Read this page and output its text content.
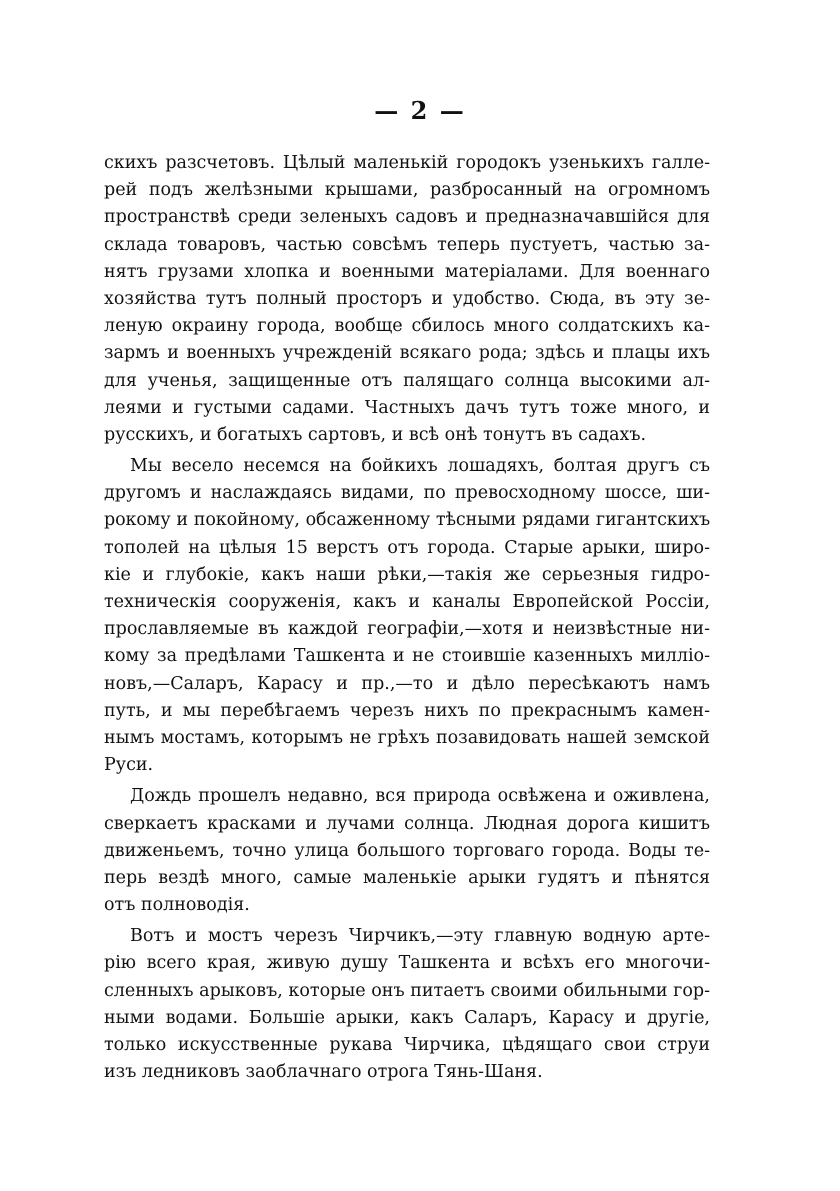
— 2 —
скихъ разсчетовъ. Цѣлый маленькій городокъ узенькихъ галле-
рей подъ желѣзными крышами, разбросанный на огромномъ
пространствѣ среди зеленыхъ садовъ и предназначавшійся для
склада товаровъ, частью совсѣмъ теперь пустуетъ, частью за-
нятъ грузами хлопка и военными матеріалами. Для военнаго
хозяйства тутъ полный просторъ и удобство. Сюда, въ эту зе-
леную окраину города, вообще сбилось много солдатскихъ ка-
зармъ и военныхъ учрежденій всякаго рода; здѣсь и плацы ихъ
для ученья, защищенные отъ палящаго солнца высокими ал-
леями и густыми садами. Частныхъ дачъ тутъ тоже много, и
русскихъ, и богатыхъ сартовъ, и всѣ онѣ тонутъ въ садахъ.
Мы весело несемся на бойкихъ лошадяхъ, болтая другъ съ
другомъ и наслаждаясь видами, по превосходному шоссе, ши-
рокому и покойному, обсаженному тѣсными рядами гигантскихъ
тополей на цѣлыя 15 верстъ отъ города. Старые арыки, широ-
кіе и глубокіе, какъ наши рѣки,—такія же серьезныя гидро-
техническія сооруженія, какъ и каналы Европейской Россіи,
прославляемые въ каждой географіи,—хотя и неизвѣстные ни-
кому за предѣлами Ташкента и не стоившіе казенныхъ милліо-
новъ,—Саларъ, Карасу и пр.,—то и дѣло пересѣкаютъ намъ
путь, и мы перебѣгаемъ черезъ нихъ по прекраснымъ камен-
нымъ мостамъ, которымъ не грѣхъ позавидовать нашей земской
Руси.
Дождь прошелъ недавно, вся природа освѣжена и оживлена,
сверкаетъ красками и лучами солнца. Людная дорога кишитъ
движеньемъ, точно улица большого торговаго города. Воды те-
перь вездѣ много, самые маленькіе арыки гудятъ и пѣнятся
отъ полноводія.
Вотъ и мостъ черезъ Чирчикъ,—эту главную водную арте-
рію всего края, живую душу Ташкента и всѣхъ его многочи-
сленныхъ арыковъ, которые онъ питаетъ своими обильными гор-
ными водами. Большіе арыки, какъ Саларъ, Карасу и другіе,
только искусственные рукава Чирчика, цѣдящаго свои струи
изъ ледниковъ заоблачнаго отрога Тянь-Шаня.
